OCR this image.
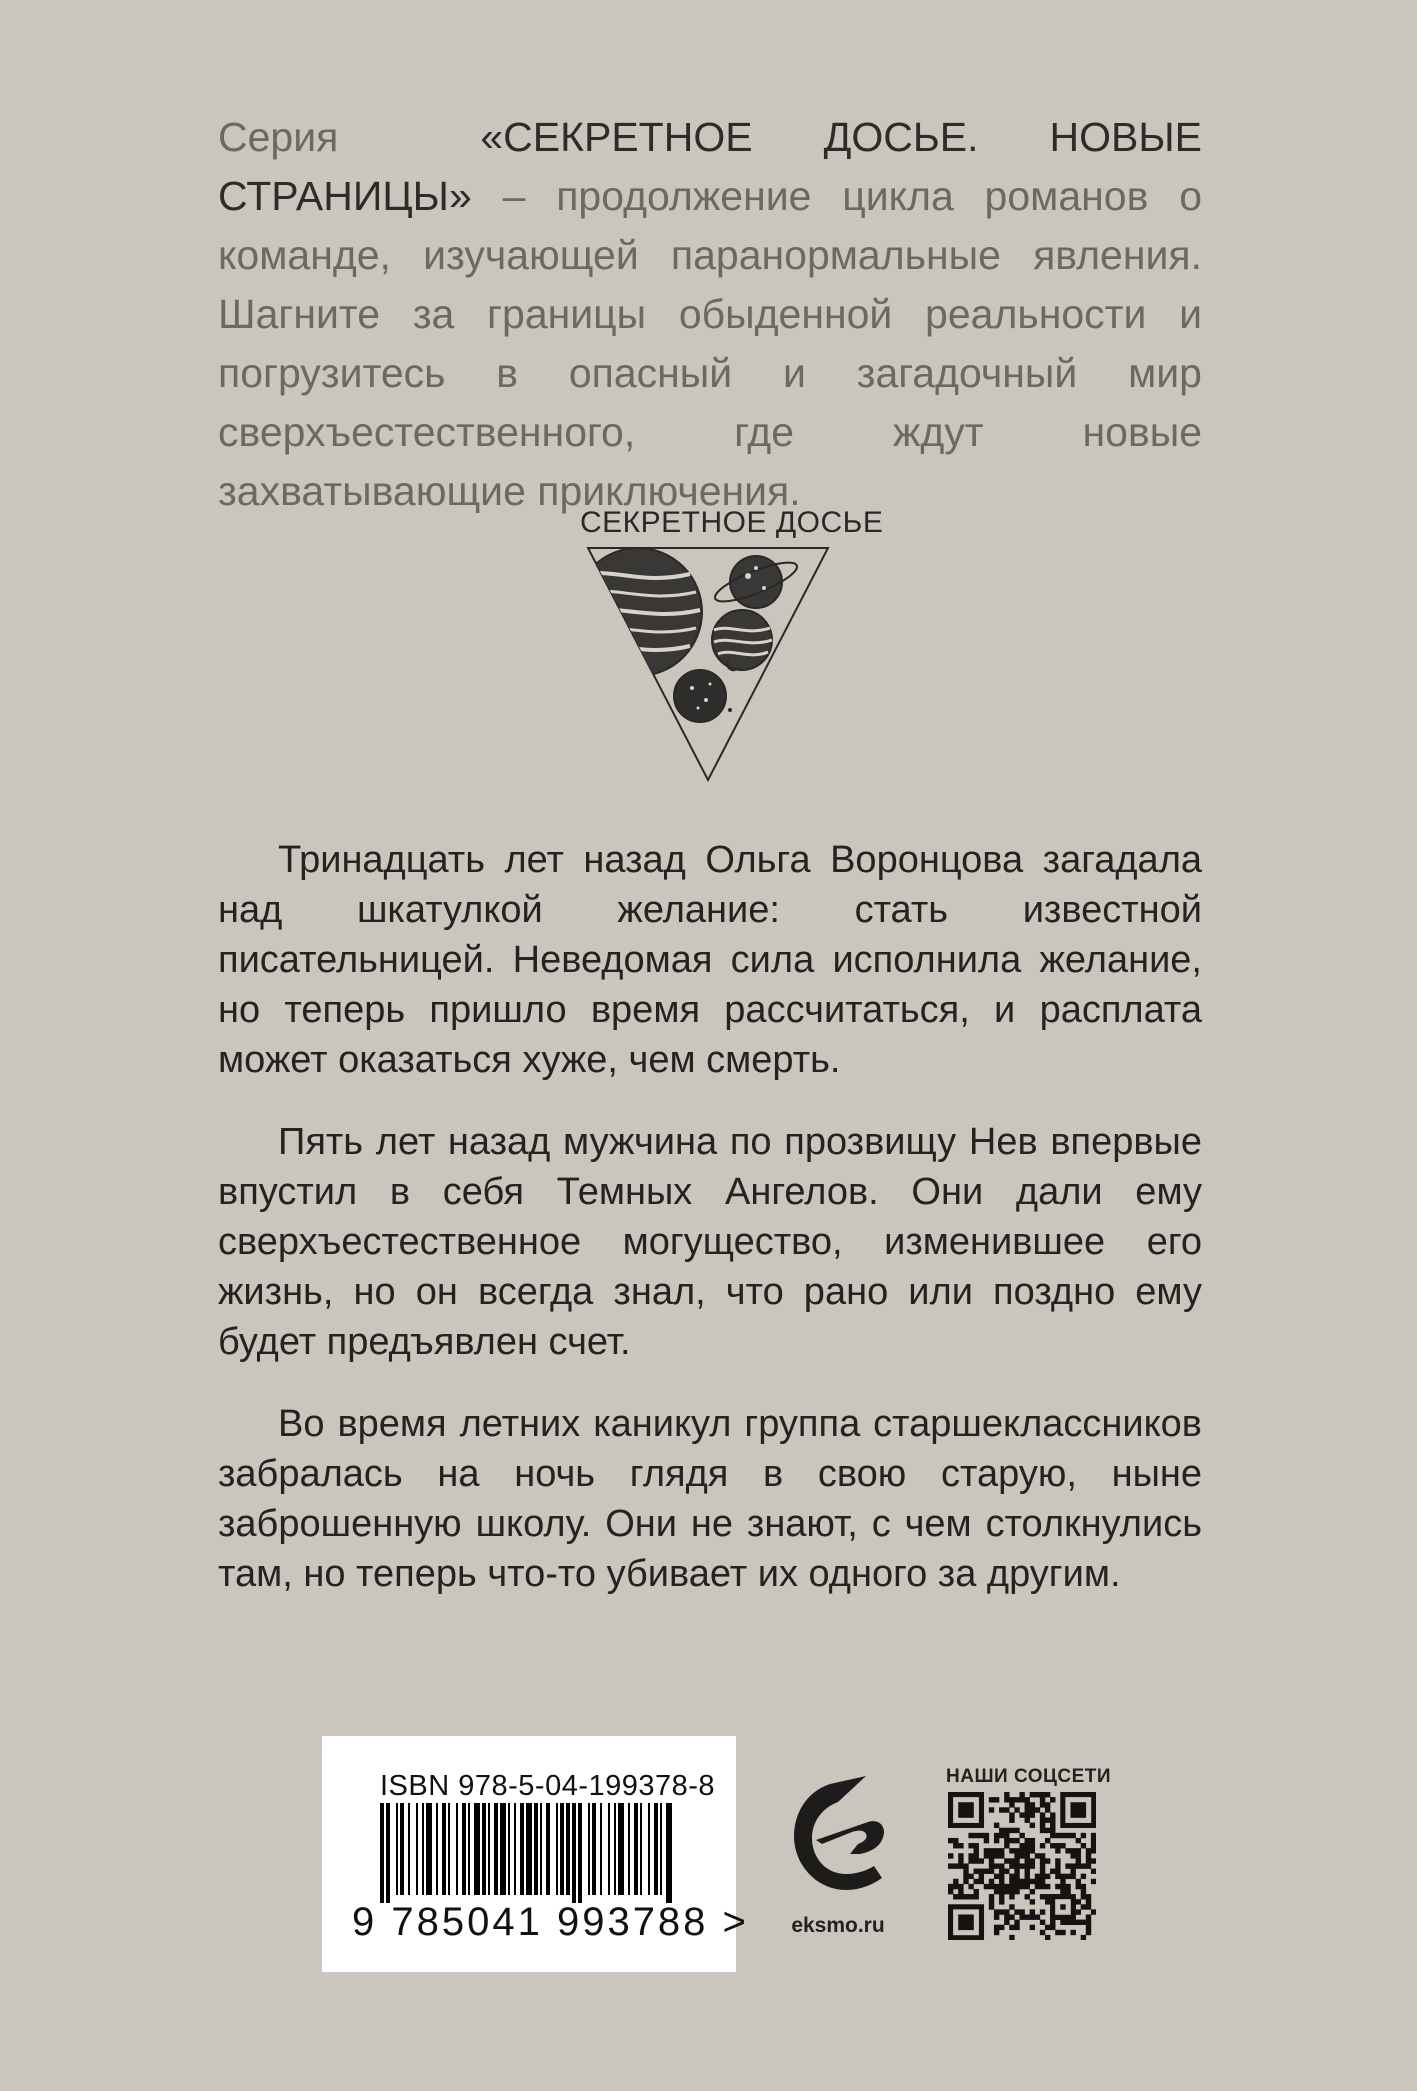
Серия	«СЕКРЕТНОЕ ДОСЬЕ. НОВЫЕ СТРАНИЦЫ» – продолжение цикла романов о команде, изучающей паранормальные явления. Шагните за границы обыденной реальности и погрузитесь в опасный и загадочный мир сверхъестественного, где ждут новые захватывающие приключения.

СЕКРЕТНОЕ ДОСЬЕ

Тринадцать лет назад Ольга Воронцова загадала над шкатулкой желание: стать известной писательницей. Неведомая сила исполнила желание, но теперь пришло время рассчитаться, и расплата может оказаться хуже, чем смерть.

Пять лет назад мужчина по прозвищу Нев впервые впустил в себя Темных Ангелов. Они дали ему сверхъестественное могущество, изменившее его жизнь, но он всегда знал, что рано или поздно ему будет предъявлен счет.

Во время летних каникул группа старшеклассников забралась на ночь глядя в свою старую, ныне заброшенную школу. Они не знают, с чем столкнулись там, но теперь что-то убивает их одного за другим.

ISBN 978-5-04-199378-8
9 785041 993788 >	eksmo.ru
НАШИ СОЦСЕТИ
